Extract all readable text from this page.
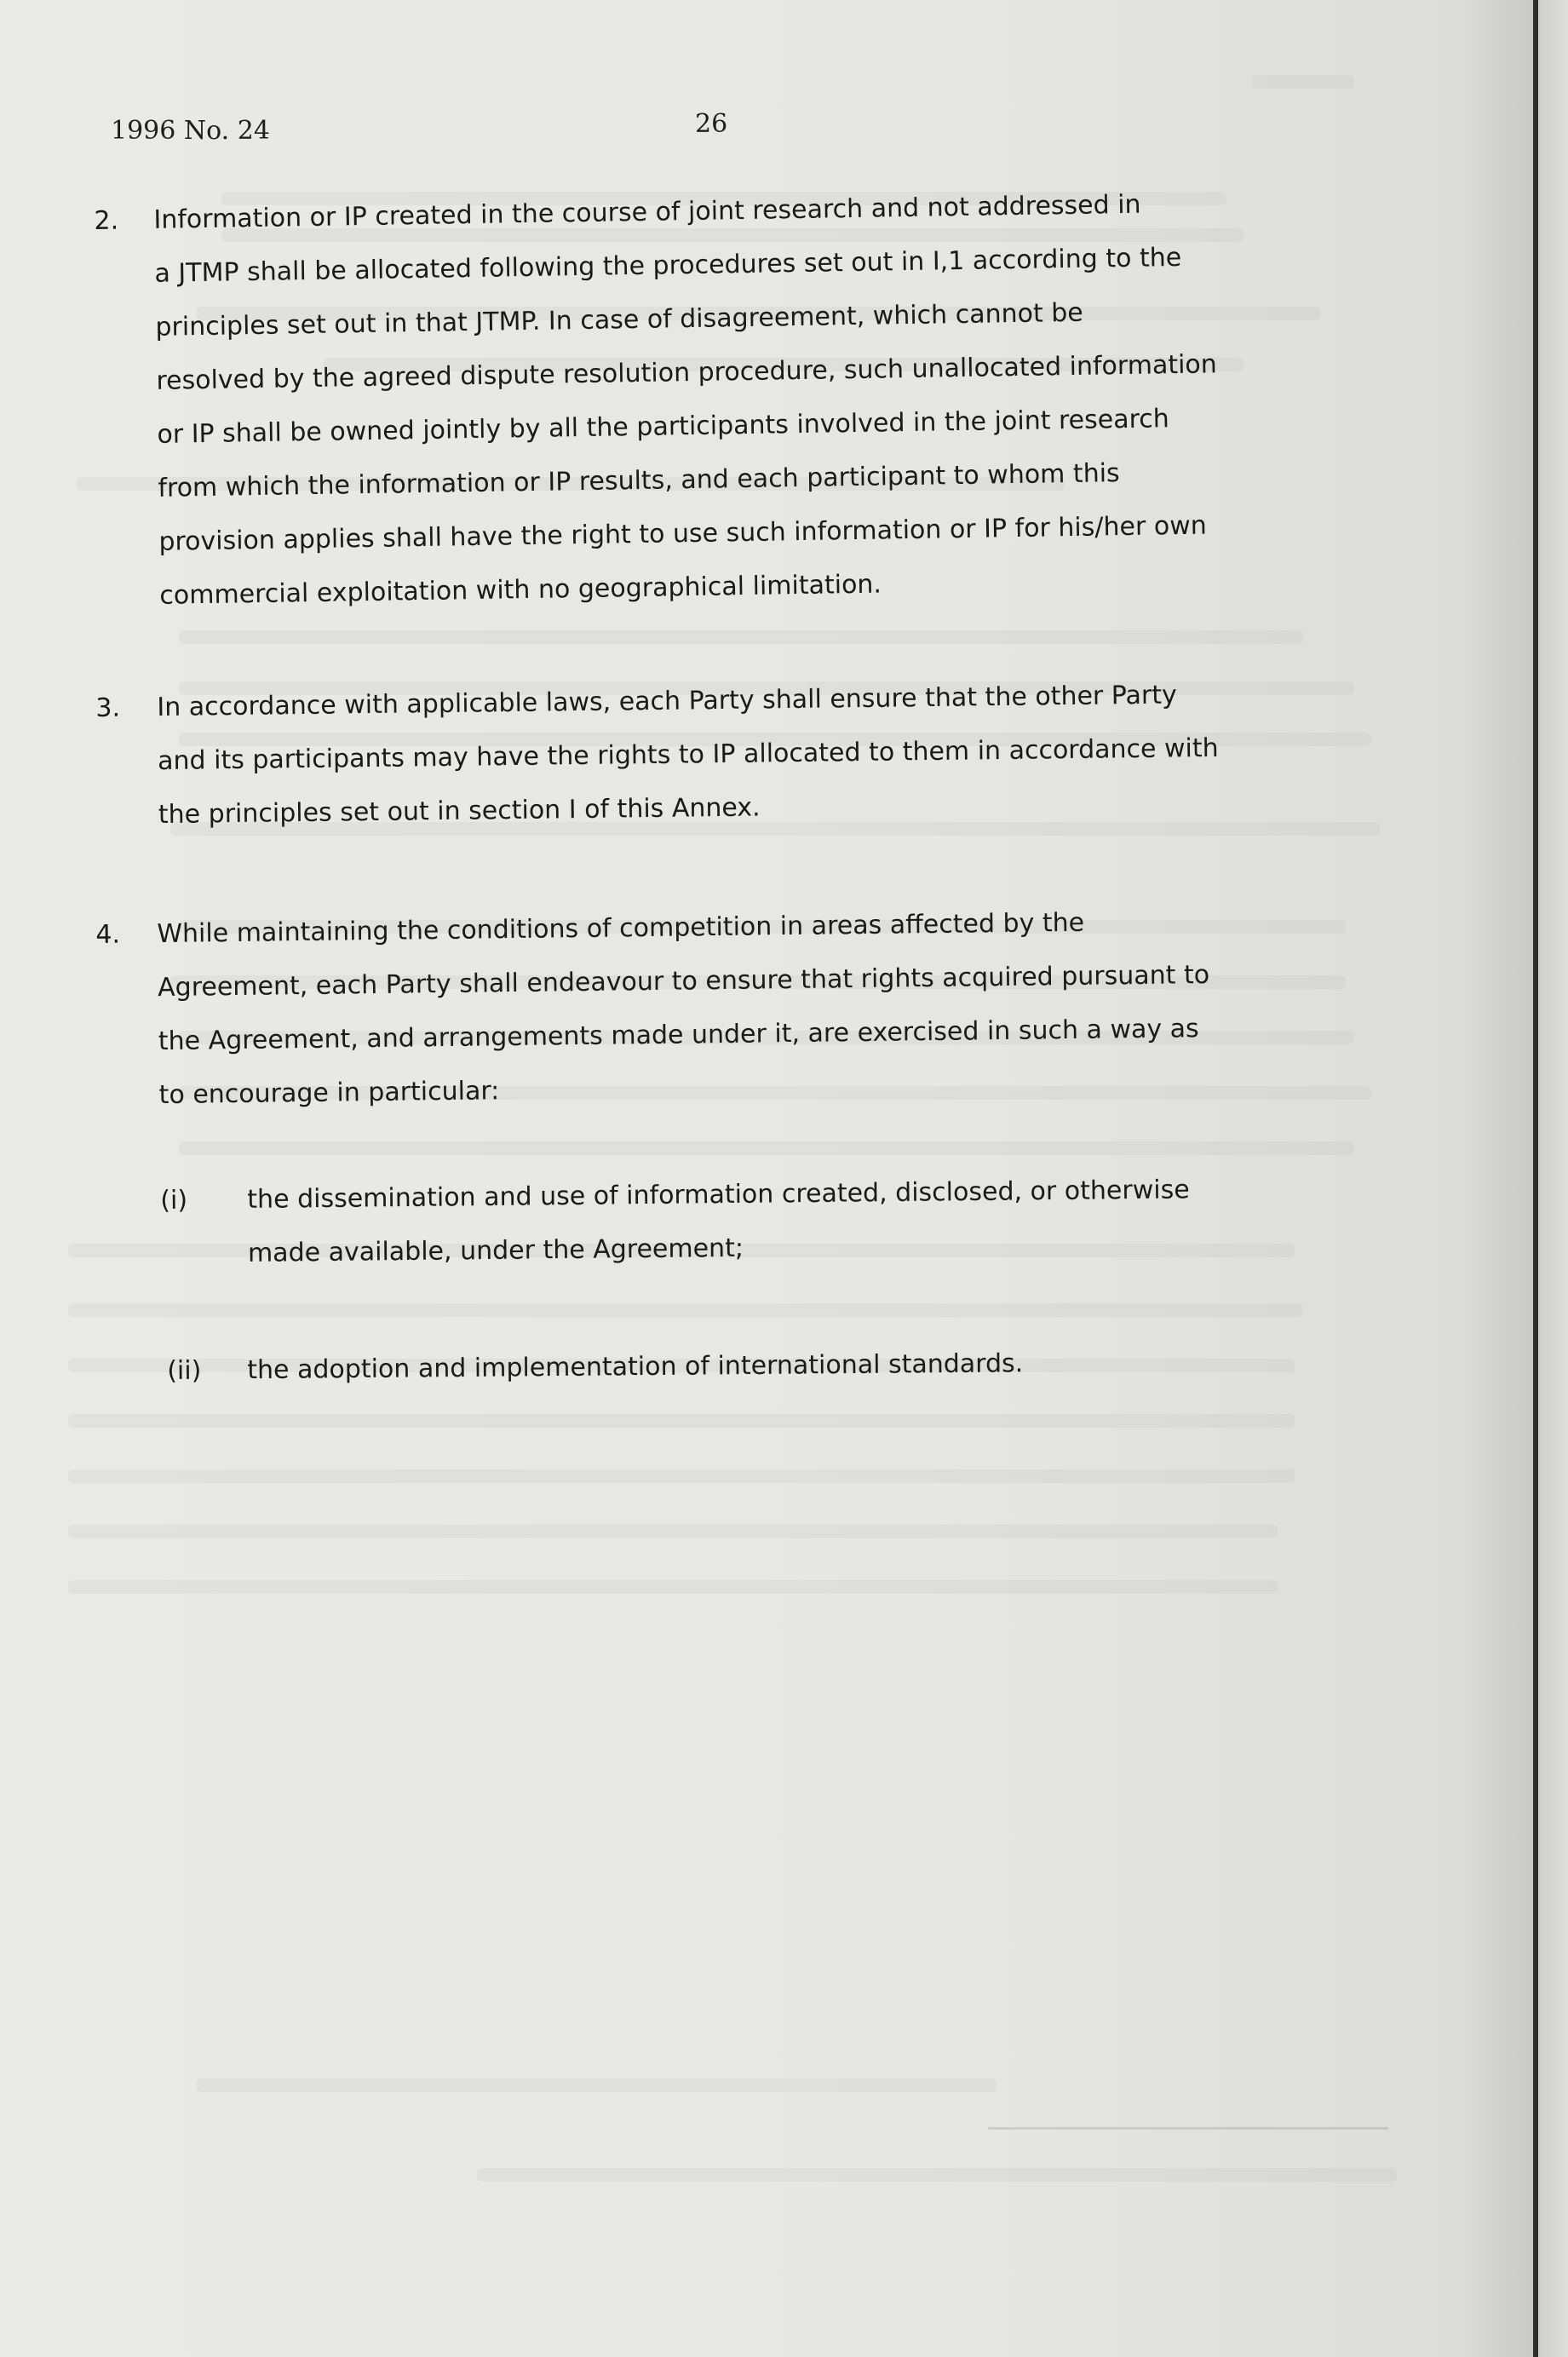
1996 No. 24	26
2. Information or IP created in the course of joint research and not addressed in
a JTMP shall be allocated following the procedures set out in I,1 according to the
principles set out in that JTMP. In case of disagreement, which cannot be
resolved by the agreed dispute resolution procedure, such unallocated information
or IP shall be owned jointly by all the participants involved in the joint research
from which the information or IP results, and each participant to whom this
provision applies shall have the right to use such information or IP for his/her own
commercial exploitation with no geographical limitation.
3. In accordance with applicable laws, each Party shall ensure that the other Party
and its participants may have the rights to IP allocated to them in accordance with
the principles set out in section I of this Annex.
4. While maintaining the conditions of competition in areas affected by the
Agreement, each Party shall endeavour to ensure that rights acquired pursuant to
the Agreement, and arrangements made under it, are exercised in such a way as
to encourage in particular:
(i) the dissemination and use of information created, disclosed, or otherwise
made available, under the Agreement;
(ii) the adoption and implementation of international standards.
